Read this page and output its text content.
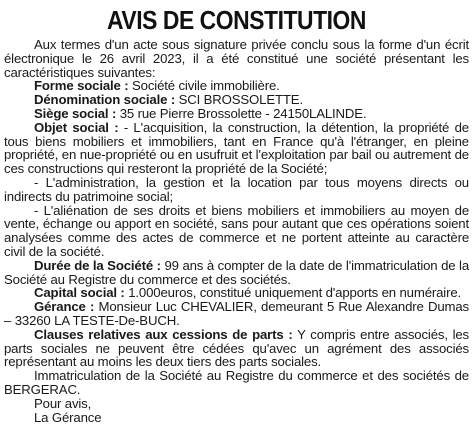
AVIS DE CONSTITUTION

Aux termes d'un acte sous signature privée conclu sous la forme d'un écrit électronique le 26 avril 2023, il a été constitué une société présentant les caractéristiques suivantes:

Forme sociale : Société civile immobilière.

Dénomination sociale : SCI BROSSOLETTE.

Siège social : 35 rue Pierre Brossolette - 24150LALINDE.

Objet social : - L'acquisition, la construction, la détention, la propriété de tous biens mobiliers et immobiliers, tant en France qu'à l'étranger, en pleine propriété, en nue-propriété ou en usufruit et l'exploitation par bail ou autrement de ces constructions qui resteront la propriété de la Société;

- L'administration, la gestion et la location par tous moyens directs ou indirects du patrimoine social;

- L'aliénation de ses droits et biens mobiliers et immobiliers au moyen de vente, échange ou apport en société, sans pour autant que ces opérations soient analysées comme des actes de commerce et ne portent atteinte au caractère civil de la société.

Durée de la Société : 99 ans à compter de la date de l'immatriculation de la Société au Registre du commerce et des sociétés.

Capital social : 1.000euros, constitué uniquement d'apports en numéraire.

Gérance : Monsieur Luc CHEVALIER, demeurant 5 Rue Alexandre Dumas – 33260 LA TESTE-De-BUCH.

Clauses relatives aux cessions de parts : Y compris entre associés, les parts sociales ne peuvent être cédées qu'avec un agrément des associés représentant au moins les deux tiers des parts sociales.

Immatriculation de la Société au Registre du commerce et des sociétés de BERGERAC.

Pour avis,

La Gérance
